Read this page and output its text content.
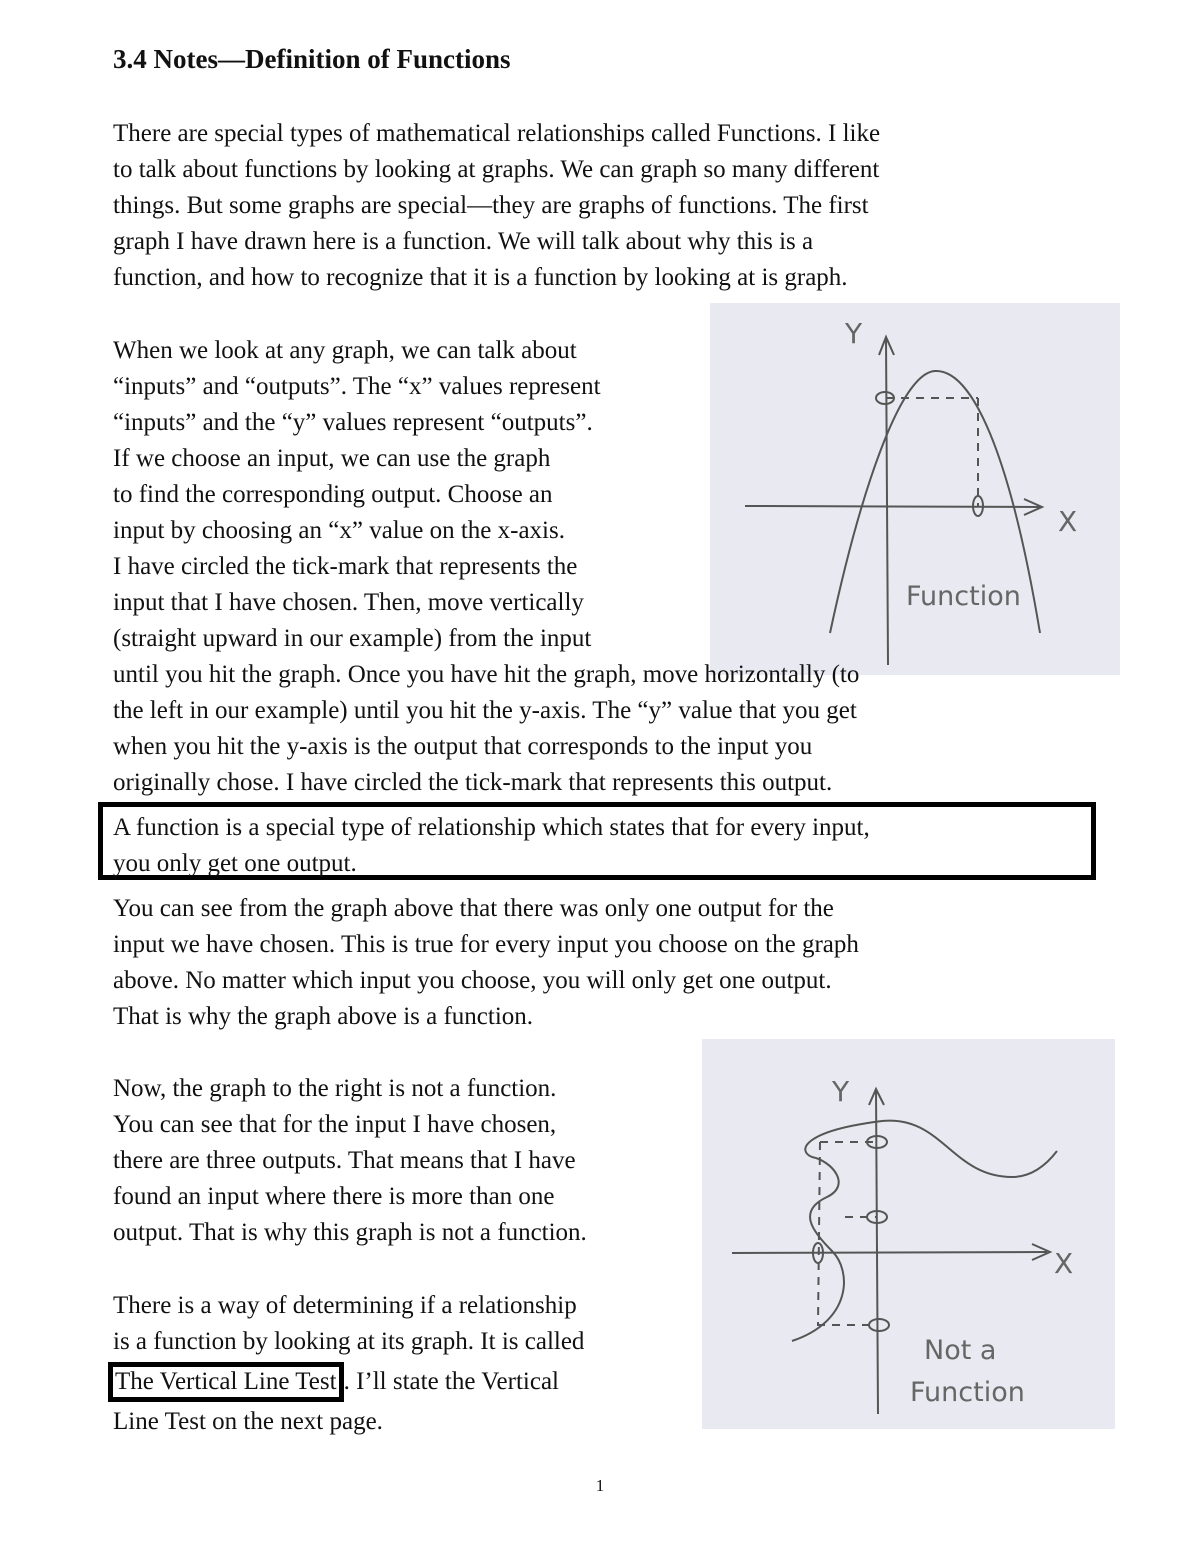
3.4 Notes—Definition of Functions
There are special types of mathematical relationships called Functions. I like
to talk about functions by looking at graphs. We can graph so many different
things. But some graphs are special—they are graphs of functions. The first
graph I have drawn here is a function. We will talk about why this is a
function, and how to recognize that it is a function by looking at is graph.
Y
X
Function
When we look at any graph, we can talk about
“inputs” and “outputs”. The “x” values represent
“inputs” and the “y” values represent “outputs”.
If we choose an input, we can use the graph
to find the corresponding output. Choose an
input by choosing an “x” value on the x-axis.
I have circled the tick-mark that represents the
input that I have chosen. Then, move vertically
(straight upward in our example) from the input
until you hit the graph. Once you have hit the graph, move horizontally (to
the left in our example) until you hit the y-axis. The “y” value that you get
when you hit the y-axis is the output that corresponds to the input you
originally chose. I have circled the tick-mark that represents this output.
A function is a special type of relationship which states that for every input,
you only get one output.
You can see from the graph above that there was only one output for the
input we have chosen. This is true for every input you choose on the graph
above. No matter which input you choose, you will only get one output.
That is why the graph above is a function.
Y
X
Not a
Function
Now, the graph to the right is not a function.
You can see that for the input I have chosen,
there are three outputs. That means that I have
found an input where there is more than one
output. That is why this graph is not a function.
There is a way of determining if a relationship
is a function by looking at its graph. It is called
The Vertical Line Test . I’ll state the Vertical
Line Test on the next page.
1
